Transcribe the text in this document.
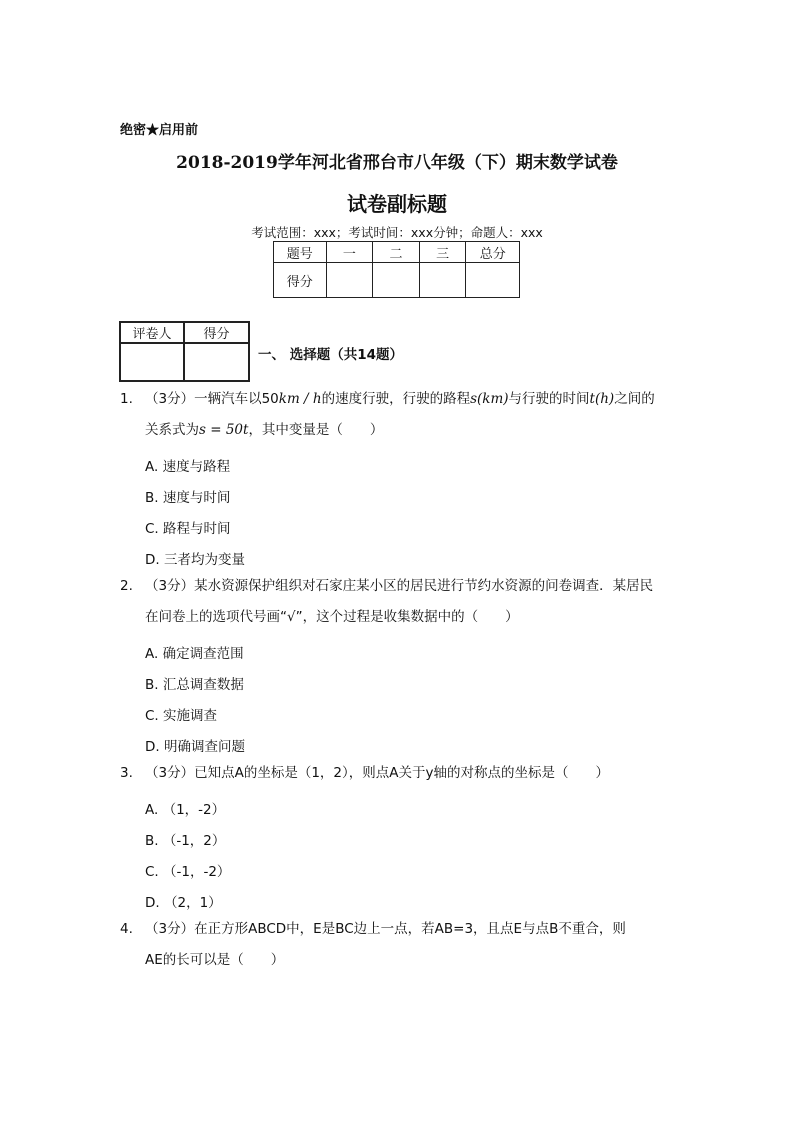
绝密★启用前
2018-2019学年河北省邢台市八年级（下）期末数学试卷
试卷副标题
考试范围：xxx；考试时间：xxx分钟；命题人：xxx
题号	一	二	三	总分
得分				
评卷人	得分

一、 选择题（共14题）
1. （3分）一辆汽车以50km / h的速度行驶，行驶的路程s(km)与行驶的时间t(h)之间的
关系式为s = 50t，其中变量是（　　）
A. 速度与路程
B. 速度与时间
C. 路程与时间
D. 三者均为变量
2. （3分）某水资源保护组织对石家庄某小区的居民进行节约水资源的问卷调查．某居民
在问卷上的选项代号画“√”，这个过程是收集数据中的（　　）
A. 确定调查范围
B. 汇总调查数据
C. 实施调查
D. 明确调查问题
3. （3分）已知点A的坐标是（1，2），则点A关于y轴的对称点的坐标是（　　）
A. （1，-2）
B. （-1，2）
C. （-1，-2）
D. （2，1）
4. （3分）在正方形ABCD中，E是BC边上一点，若AB=3，且点E与点B不重合，则
AE的长可以是（　　）
